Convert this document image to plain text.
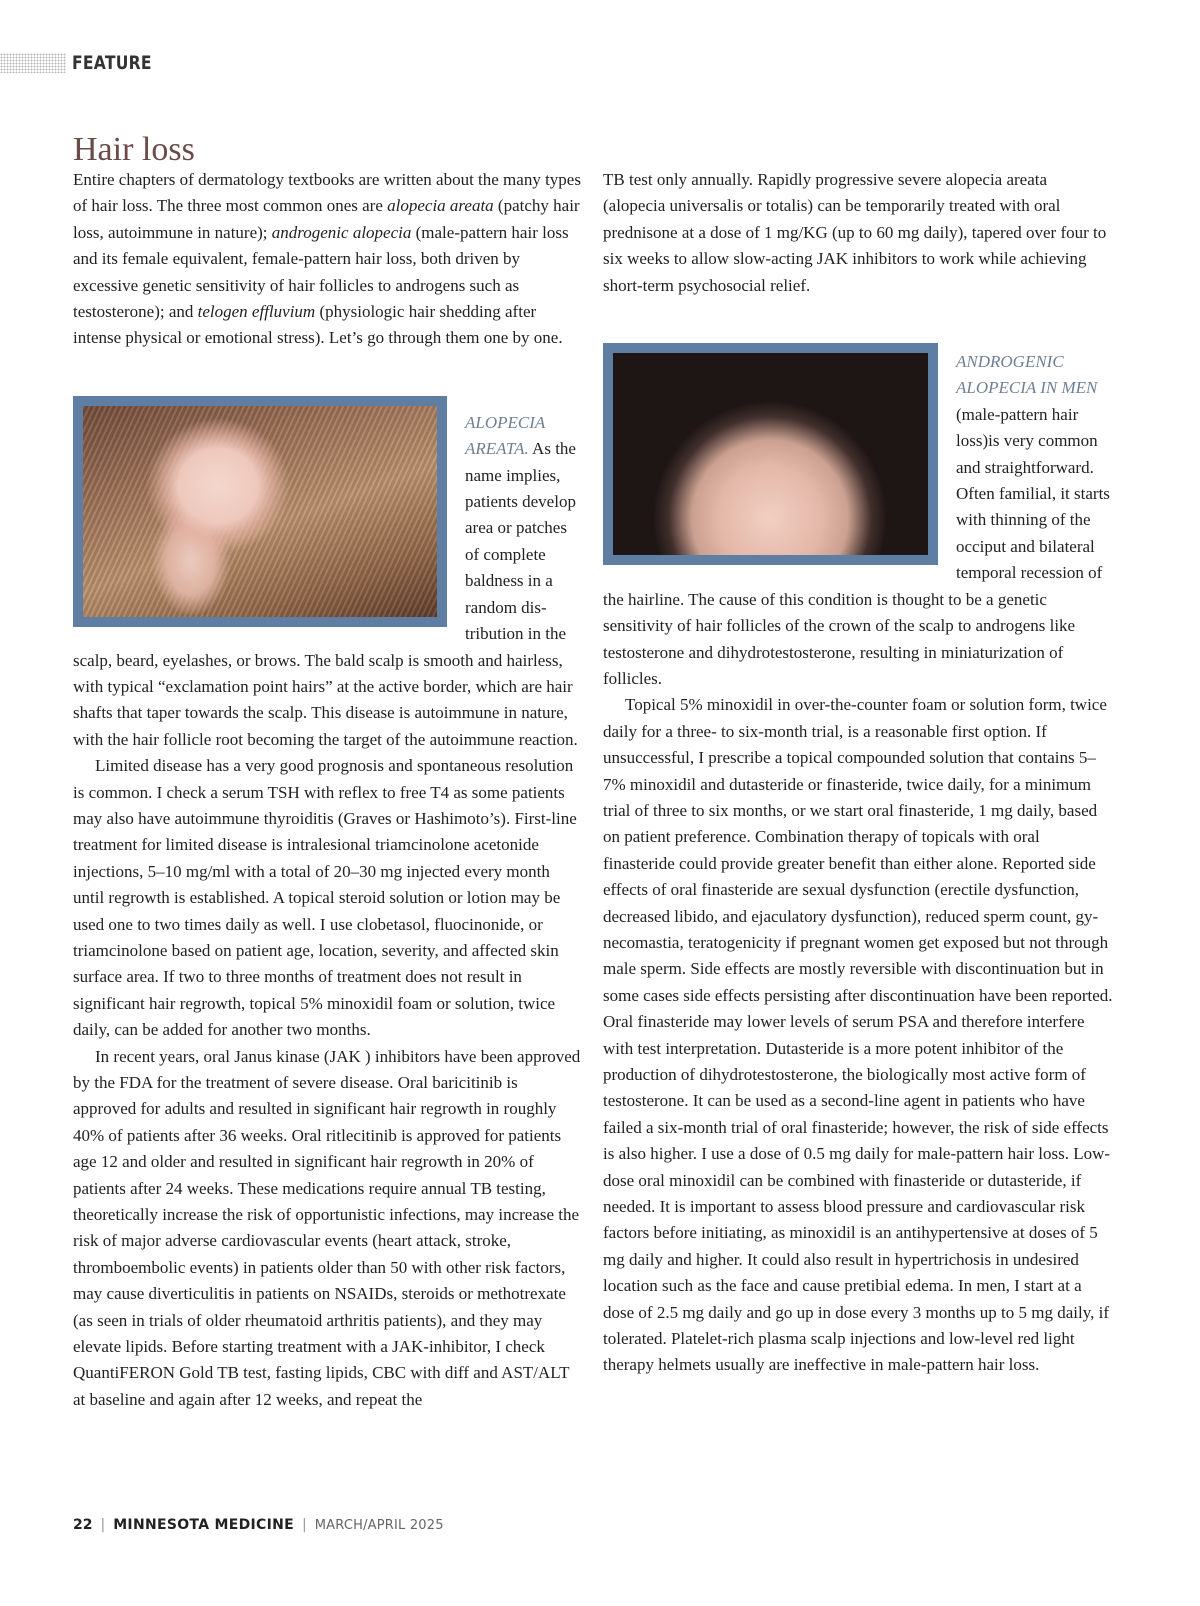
FEATURE
Hair loss

Entire chapters of dermatology textbooks are written about the many types of hair loss. The three most common ones are alopecia areata (patchy hair loss, autoimmune in nature); androgenic alopecia (male-pattern hair loss and its female equivalent, female-pattern hair loss, both driven by excessive genetic sensitivity of hair follicles to androgens such as testosterone); and telogen effluvium (physiologic hair shedding after intense physical or emotional stress). Let’s go through them one by one.

ALOPECIA AREATA. As the name implies, patients develop area or patches of complete baldness in a random distribution in the scalp, beard, eyelashes, or brows. The bald scalp is smooth and hairless, with typical “exclamation point hairs” at the active border, which are hair shafts that taper towards the scalp. This disease is autoimmune in nature, with the hair follicle root becoming the target of the autoimmune reaction.

Limited disease has a very good prognosis and spontaneous resolution is common. I check a serum TSH with reflex to free T4 as some patients may also have autoimmune thyroiditis (Graves or Hashimoto’s). First-line treatment for limited disease is intralesional triamcinolone acetonide injections, 5–10 mg/ml with a total of 20–30 mg injected every month until regrowth is established. A topical steroid solution or lotion may be used one to two times daily as well. I use clobetasol, fluocinonide, or triamcinolone based on patient age, location, severity, and affected skin surface area. If two to three months of treatment does not result in significant hair regrowth, topical 5% minoxidil foam or solution, twice daily, can be added for another two months.

In recent years, oral Janus kinase (JAK ) inhibitors have been approved by the FDA for the treatment of severe disease. Oral baricitinib is approved for adults and resulted in significant hair regrowth in roughly 40% of patients after 36 weeks. Oral ritlecitinib is approved for patients age 12 and older and resulted in significant hair regrowth in 20% of patients after 24 weeks. These medications require annual TB testing, theoretically increase the risk of opportunistic infections, may increase the risk of major adverse cardiovascular events (heart attack, stroke, thromboembolic events) in patients older than 50 with other risk factors, may cause diverticulitis in patients on NSAIDs, steroids or methotrexate (as seen in trials of older rheumatoid arthritis patients), and they may elevate lipids. Before starting treatment with a JAK-inhibitor, I check QuantiFERON Gold TB test, fasting lipids, CBC with diff and AST/ALT at baseline and again after 12 weeks, and repeat the

TB test only annually. Rapidly progressive severe alopecia areata (alopecia universalis or totalis) can be temporarily treated with oral prednisone at a dose of 1 mg/KG (up to 60 mg daily), tapered over four to six weeks to allow slow-acting JAK inhibitors to work while achieving short-term psychosocial relief.

ANDROGENIC ALOPECIA IN MEN (male-pattern hair loss)is very common and straightforward. Often familial, it starts with thinning of the occiput and bilateral temporal recession of the hairline. The cause of this condition is thought to be a genetic sensitivity of hair follicles of the crown of the scalp to androgens like testosterone and dihydrotestosterone, resulting in miniaturization of follicles.

Topical 5% minoxidil in over-the-counter foam or solution form, twice daily for a three- to six-month trial, is a reasonable first option. If unsuccessful, I prescribe a topical compounded solution that contains 5–7% minoxidil and dutasteride or finasteride, twice daily, for a minimum trial of three to six months, or we start oral finasteride, 1 mg daily, based on patient preference. Combination therapy of topicals with oral finasteride could provide greater benefit than either alone. Reported side effects of oral finasteride are sexual dysfunction (erectile dysfunction, decreased libido, and ejaculatory dysfunction), reduced sperm count, gynecomastia, teratogenicity if pregnant women get exposed but not through male sperm. Side effects are mostly reversible with discontinuation but in some cases side effects persisting after discontinuation have been reported. Oral finasteride may lower levels of serum PSA and therefore interfere with test interpretation. Dutasteride is a more potent inhibitor of the production of dihydrotestosterone, the biologically most active form of testosterone. It can be used as a second-line agent in patients who have failed a six-month trial of oral finasteride; however, the risk of side effects is also higher. I use a dose of 0.5 mg daily for male-pattern hair loss. Low-dose oral minoxidil can be combined with finasteride or dutasteride, if needed. It is important to assess blood pressure and cardiovascular risk factors before initiating, as minoxidil is an antihypertensive at doses of 5 mg daily and higher. It could also result in hypertrichosis in undesired location such as the face and cause pretibial edema. In men, I start at a dose of 2.5 mg daily and go up in dose every 3 months up to 5 mg daily, if tolerated. Platelet-rich plasma scalp injections and low-level red light therapy helmets usually are ineffective in male-pattern hair loss.

22 | MINNESOTA MEDICINE | MARCH/APRIL 2025
